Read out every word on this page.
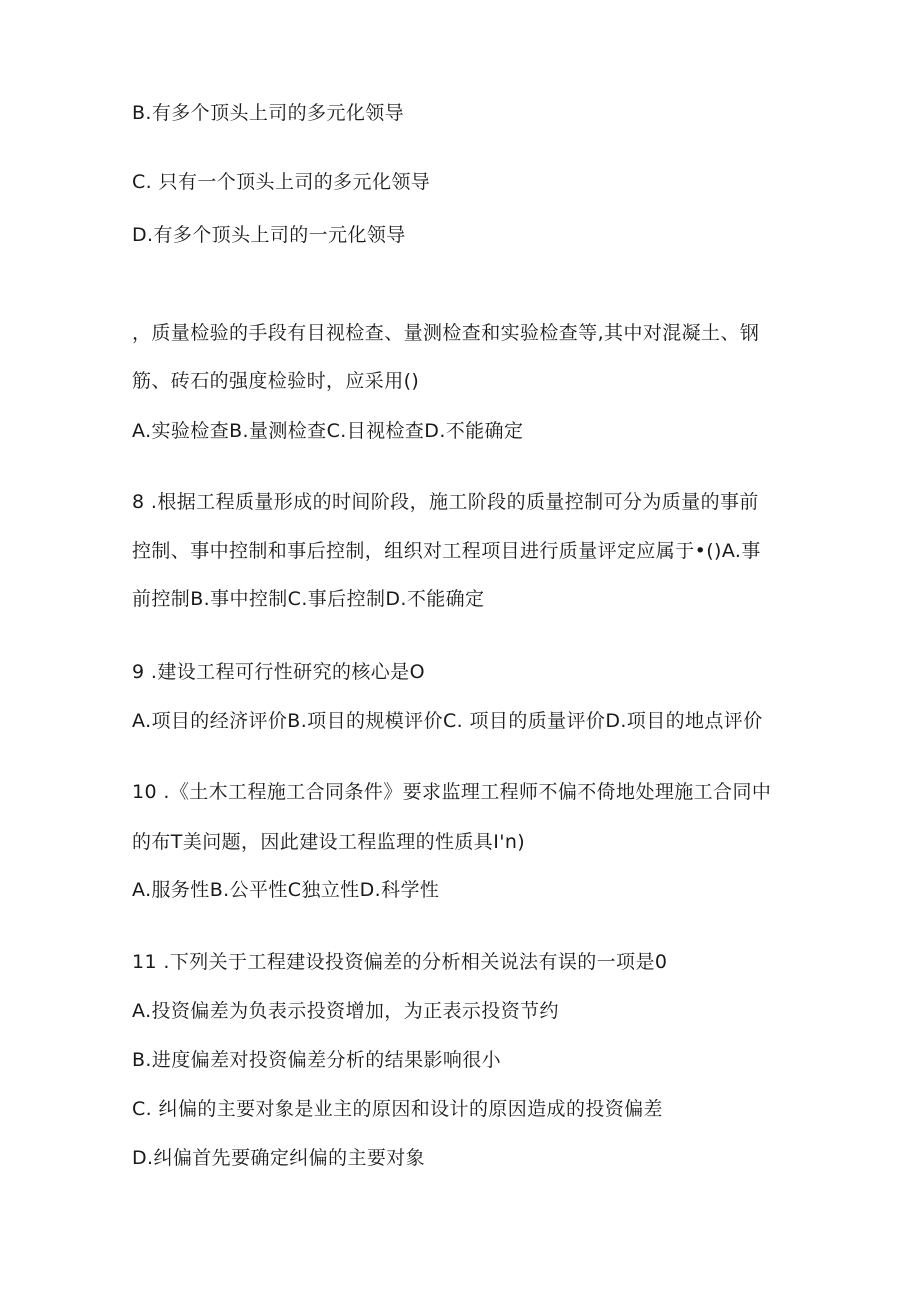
B.有多个顶头上司的多元化领导
C. 只有一个顶头上司的多元化领导
D.有多个顶头上司的一元化领导
，质量检验的手段有目视检查、量测检查和实验检查等,其中对混凝土、钢
筋、砖石的强度检验时，应采用()
A.实验检查B.量测检查C.目视检查D.不能确定
8 .根据工程质量形成的时间阶段，施工阶段的质量控制可分为质量的事前
控制、事中控制和事后控制，组织对工程项目进行质量评定应属于•()A.事
前控制B.事中控制C.事后控制D.不能确定
9 .建设工程可行性研究的核心是O
A.项目的经济评价B.项目的规模评价C. 项目的质量评价D.项目的地点评价
10 .《土木工程施工合同条件》要求监理工程师不偏不倚地处理施工合同中
的布T美问题，因此建设工程监理的性质具I'n)
A.服务性B.公平性C独立性D.科学性
11 .下列关于工程建设投资偏差的分析相关说法有误的一项是0
A.投资偏差为负表示投资增加，为正表示投资节约
B.进度偏差对投资偏差分析的结果影响很小
C. 纠偏的主要对象是业主的原因和设计的原因造成的投资偏差
D.纠偏首先要确定纠偏的主要对象
